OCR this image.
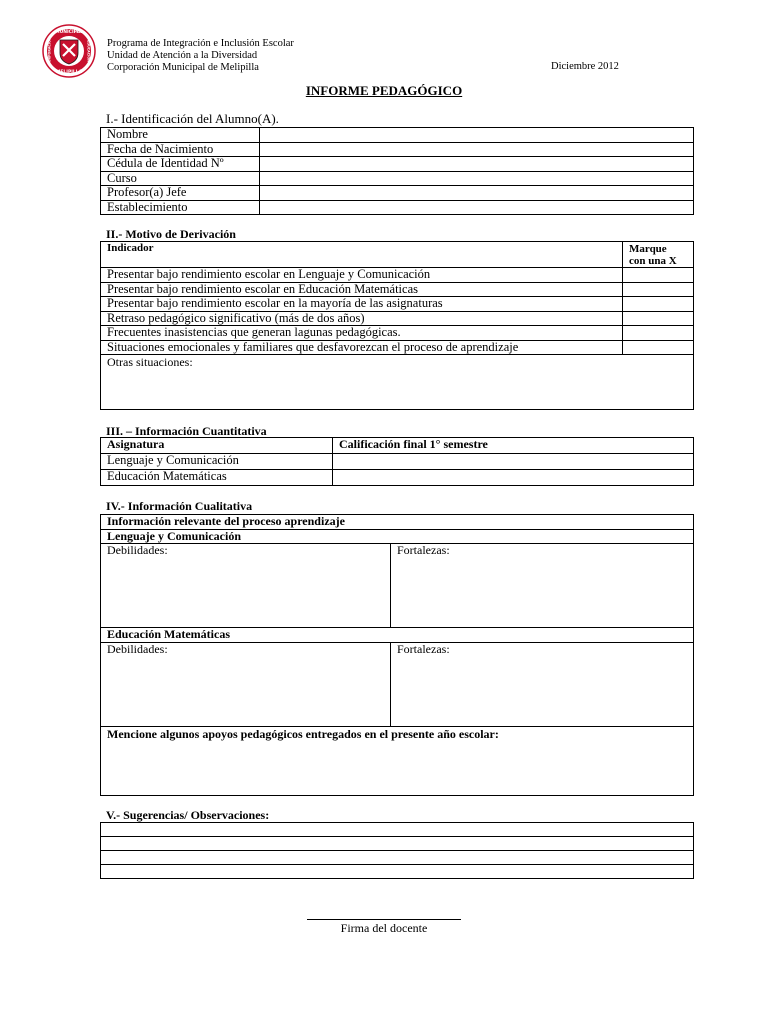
MUNICIPAL
MELIPILLA
CORPORACIÓN	EDUCACIÓN Programa de Integración e Inclusión Escolar
Unidad de Atención a la Diversidad
Corporación Municipal de Melipilla	Diciembre 2012
INFORME PEDAGÓGICO
I.- Identificación del Alumno(A).
Nombre	
Fecha de Nacimiento	
Cédula de Identidad Nº	
Curso	
Profesor(a) Jefe	
Establecimiento	
II.- Motivo de Derivación
Indicador	Marque
con una X

Presentar bajo rendimiento escolar en Lenguaje y Comunicación	
Presentar bajo rendimiento escolar en Educación Matemáticas	
Presentar bajo rendimiento escolar en la mayoría de las asignaturas	
Retraso pedagógico significativo (más de dos años)	
Frecuentes inasistencias que generan lagunas pedagógicas.	
Situaciones emocionales y familiares que desfavorezcan el proceso de aprendizaje	
Otras situaciones:	
III. – Información Cuantitativa
Asignatura	Calificación final 1° semestre
Lenguaje y Comunicación	
Educación Matemáticas	
IV.- Información Cualitativa
Información relevante del proceso aprendizaje	
Lenguaje y Comunicación	
Debilidades:	Fortalezas:
Educación Matemáticas	
Debilidades:	Fortalezas:
Mencione algunos apoyos pedagógicos entregados en el presente año escolar:	
V.- Sugerencias/ Observaciones:

Firma del docente
